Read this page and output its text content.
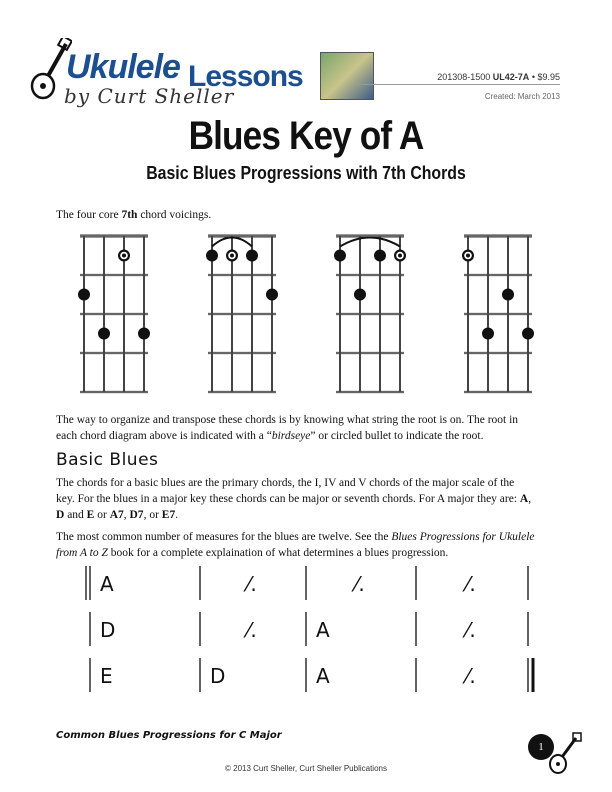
Ukulele Lessons
by Curt Sheller
201308-1500 UL42-7A • $9.95
Created: March 2013
Blues Key of A
Basic Blues Progressions with 7th Chords
The four core 7th chord voicings.
The way to organize and transpose these chords is by knowing what string the root is on. The root in
each chord diagram above is indicated with a “birdseye” or circled bullet to indicate the root.
Basic Blues
The chords for a basic blues are the primary chords, the I, IV and V chords of the major scale of the
key. For the blues in a major key these chords can be major or seventh chords. For A major they are: A,
D and E or A7, D7, or E7.
The most common number of measures for the blues are twelve. See the Blues Progressions for Ukulele
from A to Z book for a complete explaination of what determines a blues progression.
A	⁄.	⁄.	⁄.
D	⁄.	A	⁄.
E	D	A	⁄.
Common Blues Progressions for C Major
1
© 2013 Curt Sheller, Curt Sheller Publications
